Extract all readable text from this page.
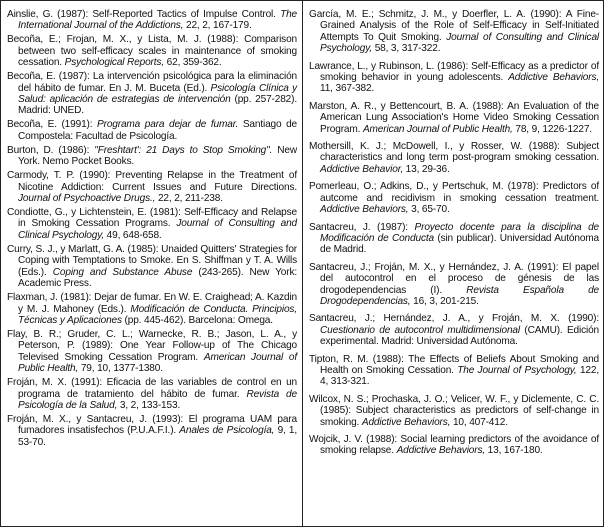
Ainslie, G. (1987): Self-Reported Tactics of Impulse Control. The International Journal of the Addictions, 22, 2, 167-179.

Becoña, E.; Frojan, M. X., y Lista, M. J. (1988): Comparison between two self-efficacy scales in maintenance of smoking cessation. Psychological Reports, 62, 359-362.

Becoña, E. (1987): La intervención psicológica para la eliminación del hábito de fumar. En J. M. Buceta (Ed.). Psicología Clínica y Salud: aplicación de estrategias de intervención (pp. 257-282). Madrid: UNED.

Becoña, E. (1991): Programa para dejar de fumar. Santiago de Compostela: Facultad de Psicología.

Burton, D. (1986): "Freshtart': 21 Days to Stop Smoking". New York. Nemo Pocket Books.

Carmody, T. P. (1990): Preventing Relapse in the Treatment of Nicotine Addiction: Current Issues and Future Directions. Journal of Psychoactive Drugs., 22, 2, 211-238.

Condiotte, G., y Lichtenstein, E. (1981): Self-Efficacy and Relapse in Smoking Cessation Programs. Journal of Consulting and Clinical Psychology, 49, 648-658.

Curry, S. J., y Marlatt, G. A. (1985): Unaided Quitters' Strategies for Coping with Temptations to Smoke. En S. Shiffman y T. A. Wills (Eds.). Coping and Substance Abuse (243-265). New York: Academic Press.

Flaxman, J. (1981): Dejar de fumar. En W. E. Craighead; A. Kazdin y M. J. Mahoney (Eds.). Modificación de Conducta. Principios, Técnicas y Aplicaciones (pp. 445-462). Barcelona: Omega.

Flay, B. R.; Gruder, C. L.; Warnecke, R. B.; Jason, L. A., y Peterson, P. (1989): One Year Follow-up of The Chicago Televised Smoking Cessation Program. American Journal of Public Health, 79, 10, 1377-1380.

Froján, M. X. (1991): Eficacia de las variables de control en un programa de tratamiento del hábito de fumar. Revista de Psicología de la Salud, 3, 2, 133-153.

Froján, M. X., y Santacreu, J. (1993): El programa UAM para fumadores insatisfechos (P.U.A.F.I.). Anales de Psicología, 9, 1, 53-70.

García, M. E.; Schmitz, J. M., y Doerfler, L. A. (1990): A Fine-Grained Analysis of the Role of Self-Efficacy in Self-Initiated Attempts To Quit Smoking. Journal of Consulting and Clinical Psychology, 58, 3, 317-322.

Lawrance, L., y Rubinson, L. (1986): Self-Efficacy as a predictor of smoking behavior in young adolescents. Addictive Behaviors, 11, 367-382.

Marston, A. R., y Bettencourt, B. A. (1988): An Evaluation of the American Lung Association's Home Video Smoking Cessation Program. American Journal of Public Health, 78, 9, 1226-1227.

Mothersill, K. J.; McDowell, I., y Rosser, W. (1988): Subject characteristics and long term post-program smoking cessation. Addictive Behavior, 13, 29-36.

Pomerleau, O.; Adkins, D., y Pertschuk, M. (1978): Predictors of autcome and recidivism in smoking cessation treatment. Addictive Behaviors, 3, 65-70.

Santacreu, J. (1987): Proyecto docente para la disciplina de Modificación de Conducta (sin publicar). Universidad Autónoma de Madrid.

Santacreu, J.; Froján, M. X., y Hernández, J. A. (1991): El papel del autocontrol en el proceso de génesis de las drogodependencias (I). Revista Española de Drogodependencias, 16, 3, 201-215.

Santacreu, J.; Hernández, J. A., y Froján, M. X. (1990): Cuestionario de autocontrol multidimensional (CAMU). Edición experimental. Madrid: Universidad Autónoma.

Tipton, R. M. (1988): The Effects of Beliefs About Smoking and Health on Smoking Cessation. The Journal of Psychology, 122, 4, 313-321.

Wilcox, N. S.; Prochaska, J. O.; Velicer, W. F., y Diclemente, C. C. (1985): Subject characteristics as predictors of self-change in smoking. Addictive Behaviors, 10, 407-412.

Wojcik, J. V. (1988): Social learning predictors of the avoidance of smoking relapse. Addictive Behaviors, 13, 167-180.
